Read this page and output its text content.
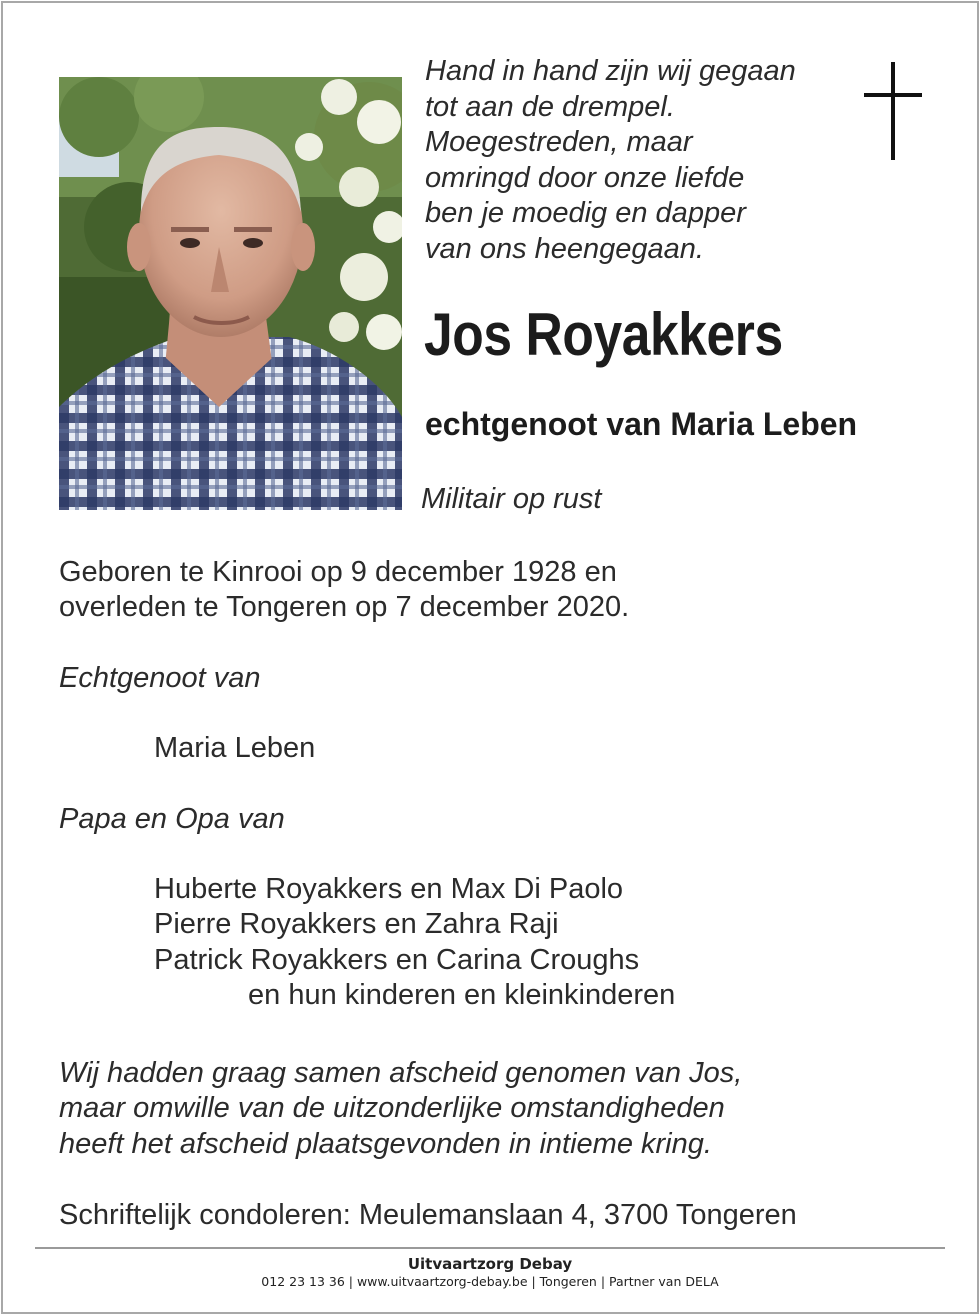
Hand in hand zijn wij gegaan
tot aan de drempel.
Moegestreden, maar
omringd door onze liefde
ben je moedig en dapper
van ons heengegaan.
Jos Royakkers
echtgenoot van Maria Leben
Militair op rust
Geboren te Kinrooi op 9 december 1928 en
overleden te Tongeren op 7 december 2020.
Echtgenoot van
Maria Leben
Papa en Opa van
Huberte Royakkers en Max Di Paolo
Pierre Royakkers en Zahra Raji
Patrick Royakkers en Carina Croughs
en hun kinderen en kleinkinderen
Wij hadden graag samen afscheid genomen van Jos,
maar omwille van de uitzonderlijke omstandigheden
heeft het afscheid plaatsgevonden in intieme kring.
Schriftelijk condoleren: Meulemanslaan 4, 3700 Tongeren
Uitvaartzorg Debay
012 23 13 36 | www.uitvaartzorg-debay.be | Tongeren | Partner van DELA
